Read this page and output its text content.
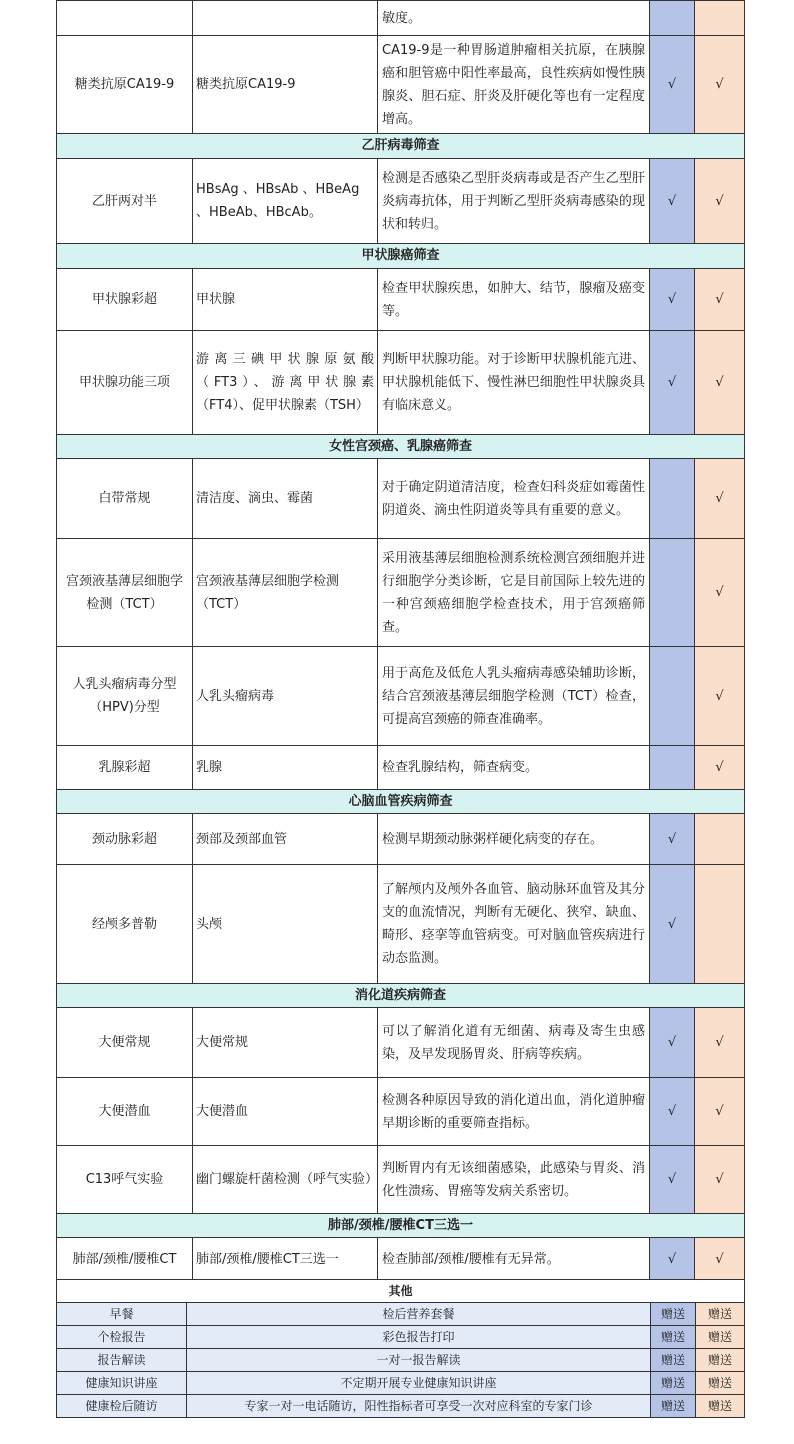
		敏度。		
糖类抗原CA19-9	糖类抗原CA19-9	CA19-9是一种胃肠道肿瘤相关抗原，在胰腺癌和胆管癌中阳性率最高，良性疾病如慢性胰腺炎、胆石症、肝炎及肝硬化等也有一定程度增高。	√	√
乙肝病毒筛查				
乙肝两对半	HBsAg 、HBsAb 、HBeAg 、HBeAb、HBcAb。	检测是否感染乙型肝炎病毒或是否产生乙型肝炎病毒抗体，用于判断乙型肝炎病毒感染的现状和转归。	√	√
甲状腺癌筛查				
甲状腺彩超	甲状腺	检查甲状腺疾患，如肿大、结节，腺瘤及癌变等。	√	√
甲状腺功能三项	游离三碘甲状腺原氨酸（FT3）、游离甲状腺素（FT4）、促甲状腺素（TSH）	判断甲状腺功能。对于诊断甲状腺机能亢进、甲状腺机能低下、慢性淋巴细胞性甲状腺炎具有临床意义。	√	√
女性宫颈癌、乳腺癌筛查				
白带常规	清洁度、滴虫、霉菌	对于确定阴道清洁度，检查妇科炎症如霉菌性阴道炎、滴虫性阴道炎等具有重要的意义。		√
宫颈液基薄层细胞学检测（TCT）	宫颈液基薄层细胞学检测（TCT）	采用液基薄层细胞检测系统检测宫颈细胞并进行细胞学分类诊断，它是目前国际上较先进的一种宫颈癌细胞学检查技术，用于宫颈癌筛查。		√
人乳头瘤病毒分型（HPV)分型	人乳头瘤病毒	用于高危及低危人乳头瘤病毒感染辅助诊断，结合宫颈液基薄层细胞学检测（TCT）检查，可提高宫颈癌的筛查准确率。		√
乳腺彩超	乳腺	检查乳腺结构，筛查病变。		√
心脑血管疾病筛查				
颈动脉彩超	颈部及颈部血管	检测早期颈动脉粥样硬化病变的存在。	√	
经颅多普勒	头颅	了解颅内及颅外各血管、脑动脉环血管及其分支的血流情况，判断有无硬化、狭窄、缺血、畸形、痉挛等血管病变。可对脑血管疾病进行动态监测。	√	
消化道疾病筛查				
大便常规	大便常规	可以了解消化道有无细菌、病毒及寄生虫感染，及早发现肠胃炎、肝病等疾病。	√	√
大便潜血	大便潜血	检测各种原因导致的消化道出血，消化道肿瘤早期诊断的重要筛查指标。	√	√
C13呼气实验	幽门螺旋杆菌检测（呼气实验）	判断胃内有无该细菌感染，此感染与胃炎、消化性溃疡、胃癌等发病关系密切。	√	√
肺部/颈椎/腰椎CT三选一				
肺部/颈椎/腰椎CT	肺部/颈椎/腰椎CT三选一	检查肺部/颈椎/腰椎有无异常。	√	√
其他			
早餐	检后营养套餐	赠送	赠送
个检报告	彩色报告打印	赠送	赠送
报告解读	一对一报告解读	赠送	赠送
健康知识讲座	不定期开展专业健康知识讲座	赠送	赠送
健康检后随访	专家一对一电话随访，阳性指标者可享受一次对应科室的专家门诊	赠送	赠送
